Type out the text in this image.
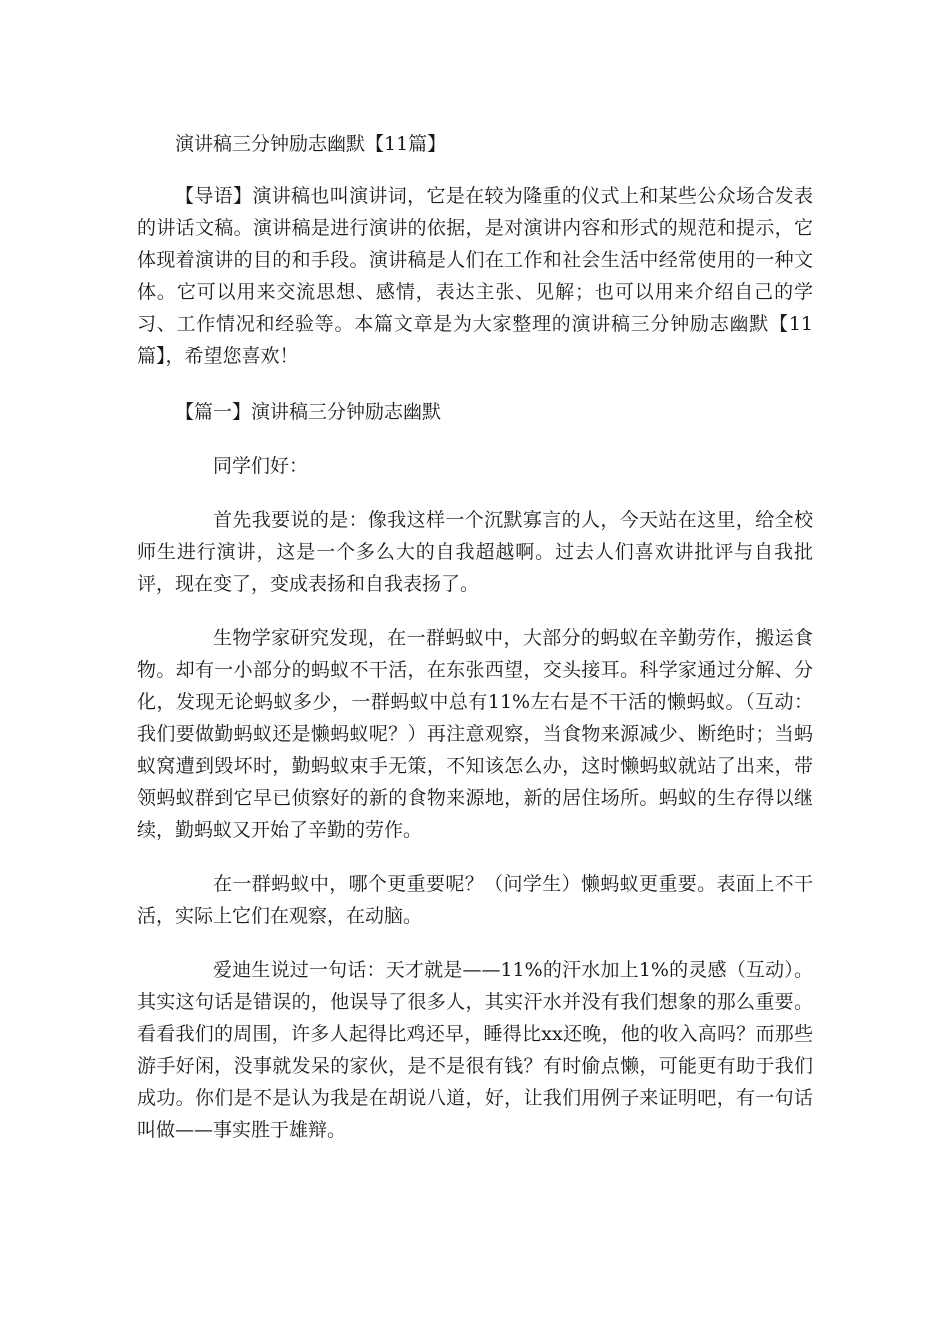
演讲稿三分钟励志幽默【11篇】

【导语】演讲稿也叫演讲词，它是在较为隆重的仪式上和某些公众场合发表的讲话文稿。演讲稿是进行演讲的依据，是对演讲内容和形式的规范和提示，它体现着演讲的目的和手段。演讲稿是人们在工作和社会生活中经常使用的一种文体。它可以用来交流思想、感情，表达主张、见解；也可以用来介绍自己的学习、工作情况和经验等。本篇文章是为大家整理的演讲稿三分钟励志幽默【11篇】，希望您喜欢！

【篇一】演讲稿三分钟励志幽默

同学们好：

首先我要说的是：像我这样一个沉默寡言的人，今天站在这里，给全校师生进行演讲，这是一个多么大的自我超越啊。过去人们喜欢讲批评与自我批评，现在变了，变成表扬和自我表扬了。

生物学家研究发现，在一群蚂蚁中，大部分的蚂蚁在辛勤劳作，搬运食物。却有一小部分的蚂蚁不干活，在东张西望，交头接耳。科学家通过分解、分化，发现无论蚂蚁多少，一群蚂蚁中总有11%左右是不干活的懒蚂蚁。（互动：我们要做勤蚂蚁还是懒蚂蚁呢？）再注意观察，当食物来源减少、断绝时；当蚂蚁窝遭到毁坏时，勤蚂蚁束手无策，不知该怎么办，这时懒蚂蚁就站了出来，带领蚂蚁群到它早已侦察好的新的食物来源地，新的居住场所。蚂蚁的生存得以继续，勤蚂蚁又开始了辛勤的劳作。

在一群蚂蚁中，哪个更重要呢？（问学生）懒蚂蚁更重要。表面上不干活，实际上它们在观察，在动脑。

爱迪生说过一句话：天才就是——11%的汗水加上1%的灵感（互动）。其实这句话是错误的，他误导了很多人，其实汗水并没有我们想象的那么重要。看看我们的周围，许多人起得比鸡还早，睡得比xx还晚，他的收入高吗？而那些游手好闲，没事就发呆的家伙，是不是很有钱？有时偷点懒，可能更有助于我们成功。你们是不是认为我是在胡说八道，好，让我们用例子来证明吧，有一句话叫做——事实胜于雄辩。
